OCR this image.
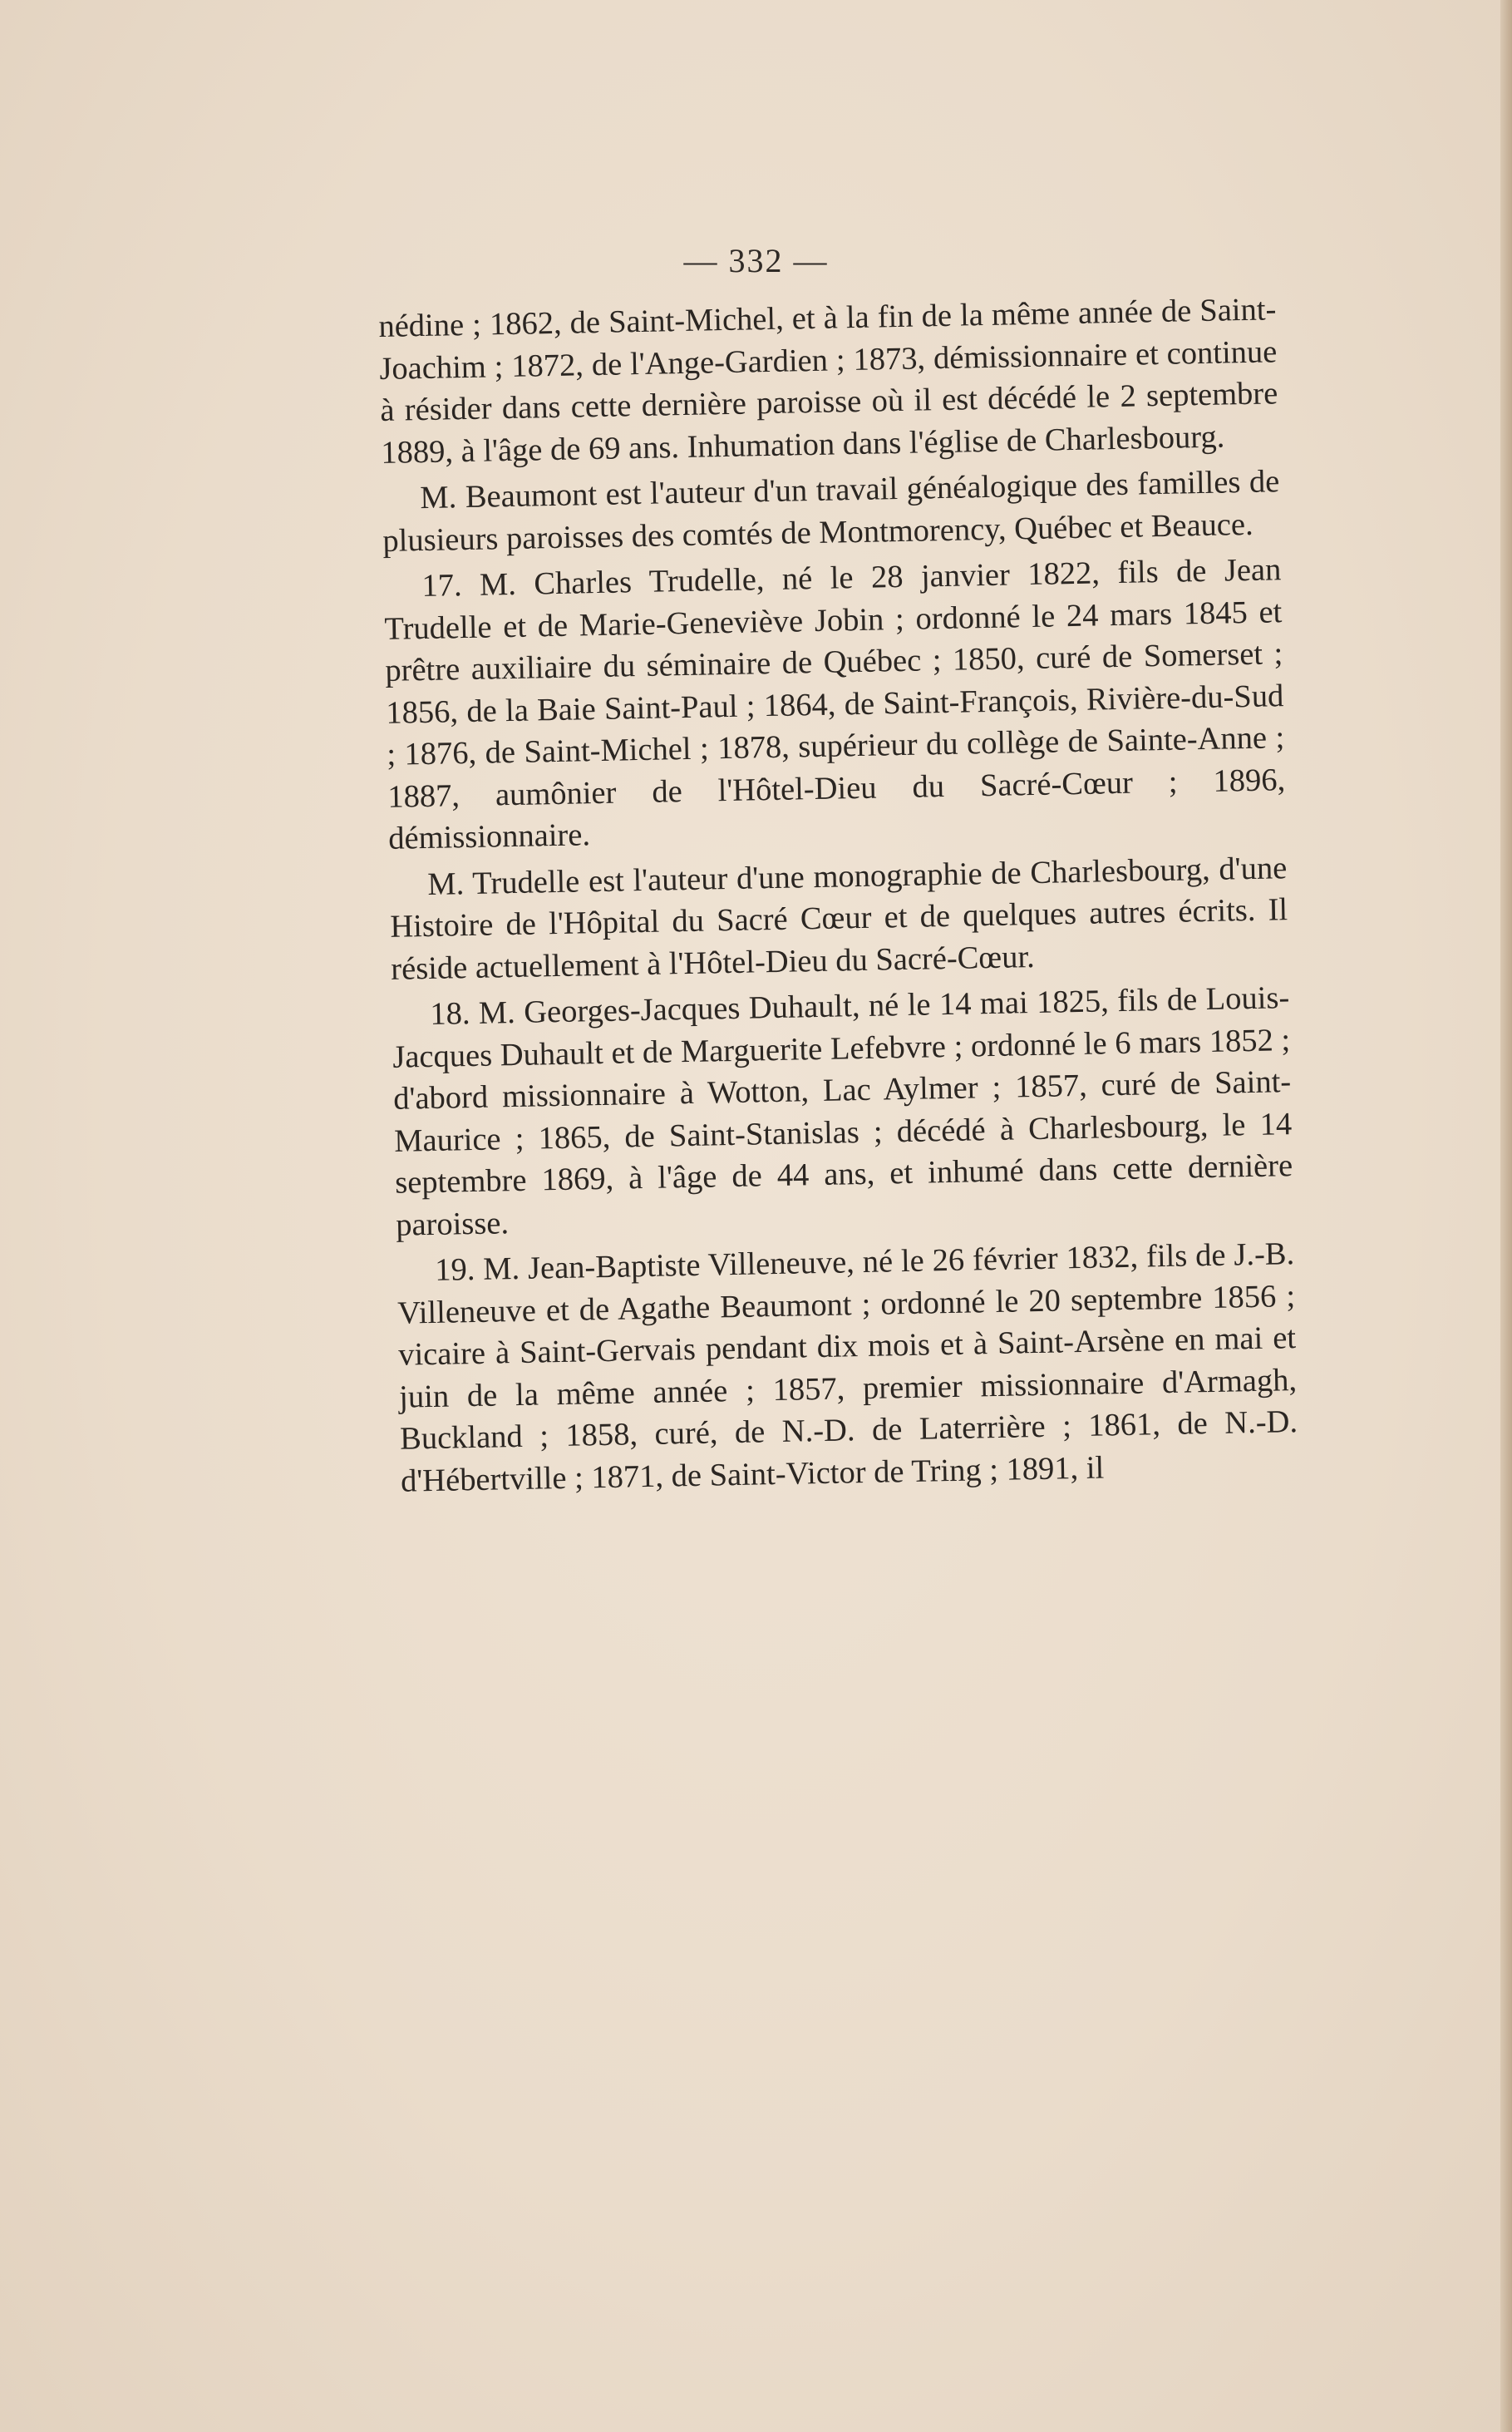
— 332 —

nédine ; 1862, de Saint-Michel, et à la fin de la même année de Saint-Joachim ; 1872, de l'Ange-Gardien ; 1873, démissionnaire et continue à résider dans cette dernière paroisse où il est décédé le 2 septembre 1889, à l'âge de 69 ans. Inhumation dans l'église de Charlesbourg.

M. Beaumont est l'auteur d'un travail généalogique des familles de plusieurs paroisses des comtés de Montmorency, Québec et Beauce.

17. M. Charles Trudelle, né le 28 janvier 1822, fils de Jean Trudelle et de Marie-Geneviève Jobin ; ordonné le 24 mars 1845 et prêtre auxiliaire du séminaire de Québec ; 1850, curé de Somerset ; 1856, de la Baie Saint-Paul ; 1864, de Saint-François, Rivière-du-Sud ; 1876, de Saint-Michel ; 1878, supérieur du collège de Sainte-Anne ; 1887, aumônier de l'Hôtel-Dieu du Sacré-Cœur ; 1896, démissionnaire.

M. Trudelle est l'auteur d'une monographie de Charlesbourg, d'une Histoire de l'Hôpital du Sacré Cœur et de quelques autres écrits. Il réside actuellement à l'Hôtel-Dieu du Sacré-Cœur.

18. M. Georges-Jacques Duhault, né le 14 mai 1825, fils de Louis-Jacques Duhault et de Marguerite Lefebvre ; ordonné le 6 mars 1852 ; d'abord missionnaire à Wotton, Lac Aylmer ; 1857, curé de Saint-Maurice ; 1865, de Saint-Stanislas ; décédé à Charlesbourg, le 14 septembre 1869, à l'âge de 44 ans, et inhumé dans cette dernière paroisse.

19. M. Jean-Baptiste Villeneuve, né le 26 février 1832, fils de J.-B. Villeneuve et de Agathe Beaumont ; ordonné le 20 septembre 1856 ; vicaire à Saint-Gervais pendant dix mois et à Saint-Arsène en mai et juin de la même année ; 1857, premier missionnaire d'Armagh, Buckland ; 1858, curé, de N.-D. de Laterrière ; 1861, de N.-D. d'Hébertville ; 1871, de Saint-Victor de Tring ; 1891, il
